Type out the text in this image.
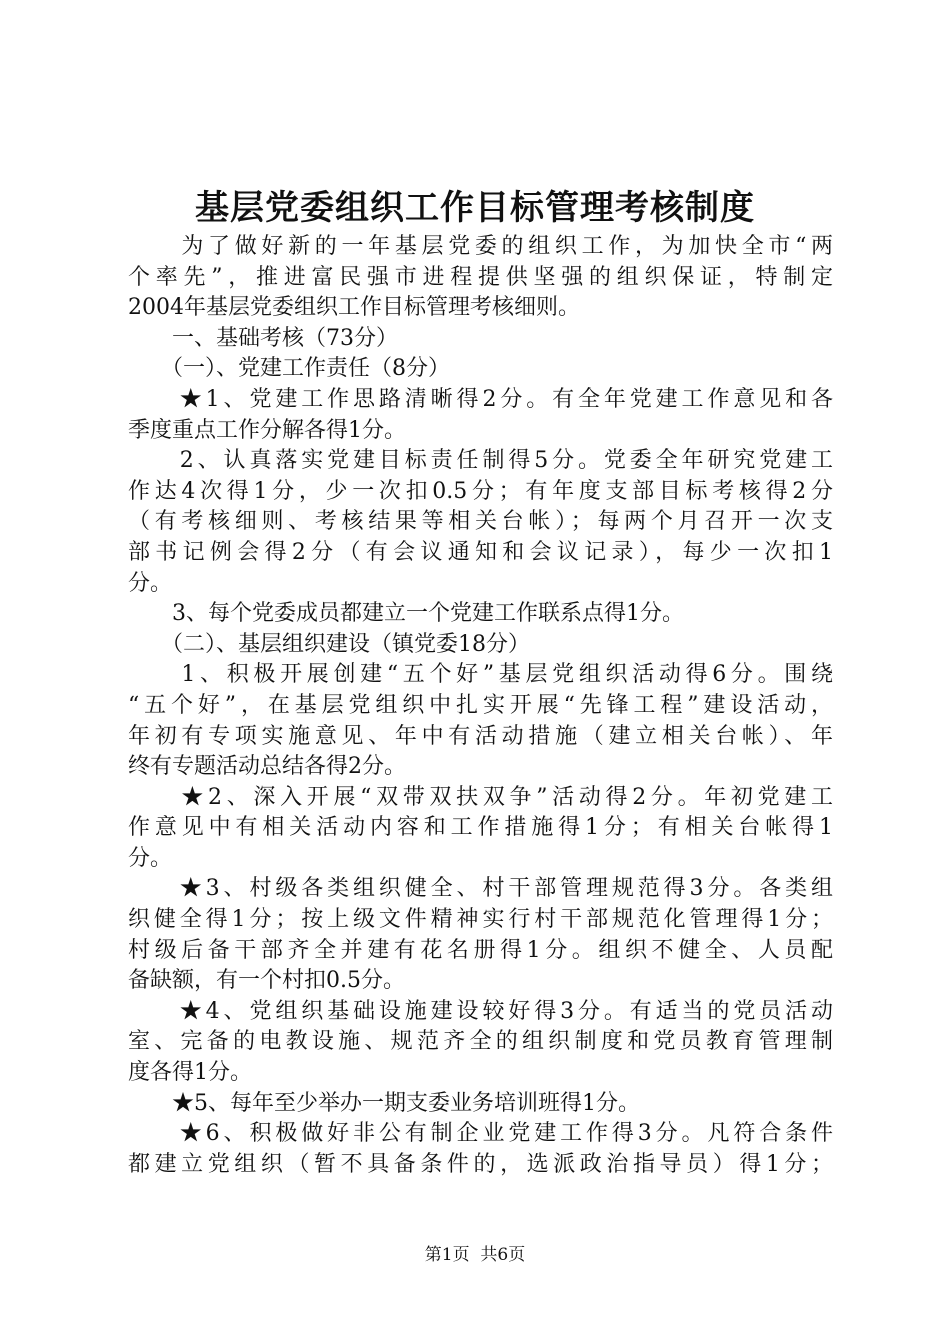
基层党委组织工作目标管理考核制度
　　为了做好新的一年基层党委的组织工作，为加快全市“两
个率先”，推进富民强市进程提供坚强的组织保证，特制定
2004年基层党委组织工作目标管理考核细则。
　　一、基础考核（73分）
　　（一）、党建工作责任（8分）
　　★1、党建工作思路清晰得2分。有全年党建工作意见和各
季度重点工作分解各得1分。
　　2、认真落实党建目标责任制得5分。党委全年研究党建工
作达4次得1分，少一次扣0.5分；有年度支部目标考核得2分
（有考核细则、考核结果等相关台帐）；每两个月召开一次支
部书记例会得2分（有会议通知和会议记录），每少一次扣1
分。
　　3、每个党委成员都建立一个党建工作联系点得1分。
　　（二）、基层组织建设（镇党委18分）
　　1、积极开展创建“五个好”基层党组织活动得6分。围绕
“五个好”，在基层党组织中扎实开展“先锋工程”建设活动，
年初有专项实施意见、年中有活动措施（建立相关台帐）、年
终有专题活动总结各得2分。
　　★2、深入开展“双带双扶双争”活动得2分。年初党建工
作意见中有相关活动内容和工作措施得1分；有相关台帐得1
分。
　　★3、村级各类组织健全、村干部管理规范得3分。各类组
织健全得1分；按上级文件精神实行村干部规范化管理得1分；
村级后备干部齐全并建有花名册得1分。组织不健全、人员配
备缺额，有一个村扣0.5分。
　　★4、党组织基础设施建设较好得3分。有适当的党员活动
室、完备的电教设施、规范齐全的组织制度和党员教育管理制
度各得1分。
　　★5、每年至少举办一期支委业务培训班得1分。
　　★6、积极做好非公有制企业党建工作得3分。凡符合条件
都建立党组织（暂不具备条件的，选派政治指导员）得1分；
第1页  共6页
